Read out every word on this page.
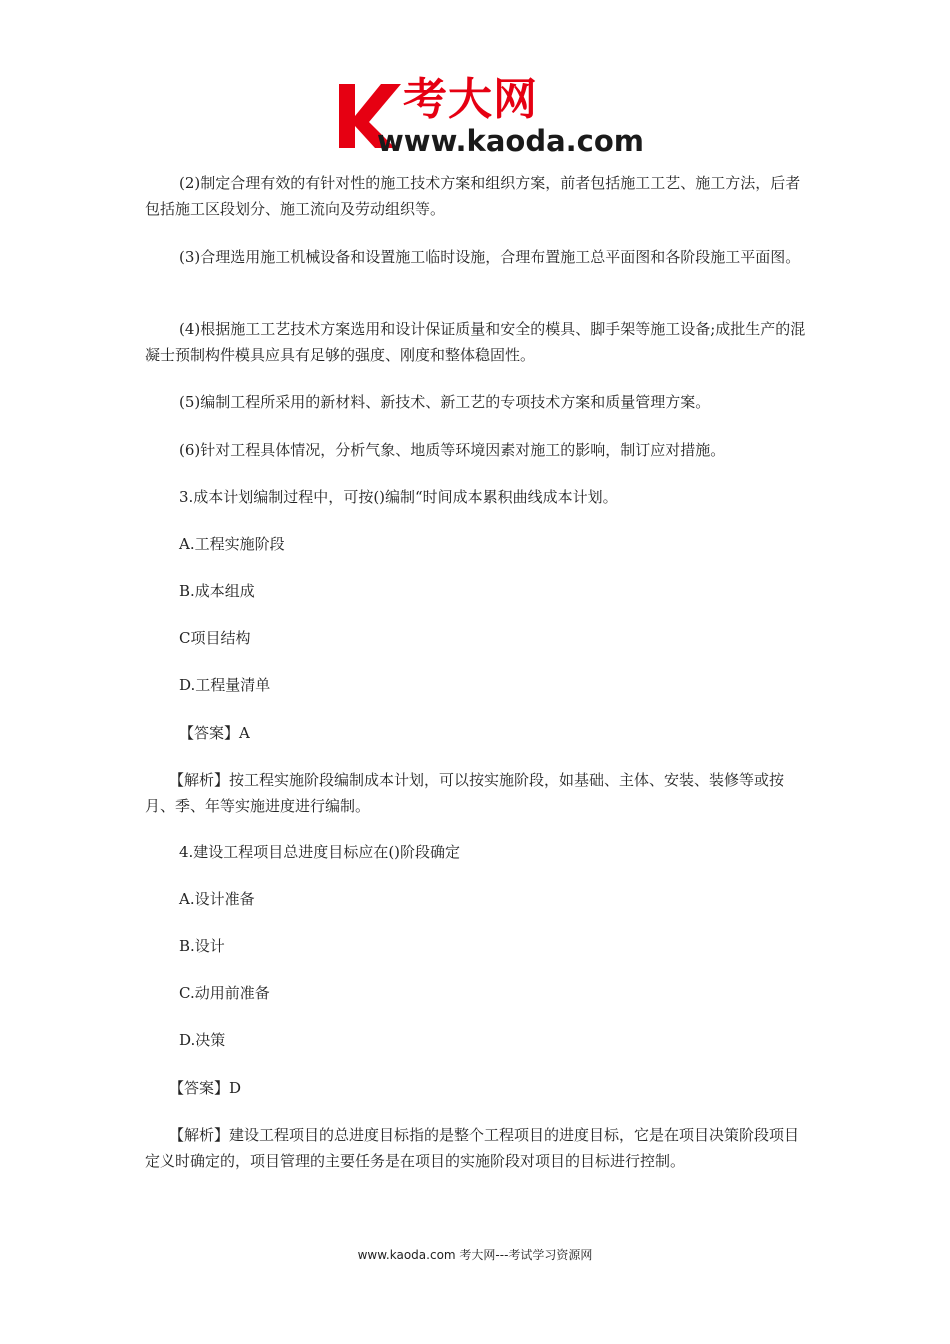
考大网
www.kaoda.com

(2)制定合理有效的有针对性的施工技术方案和组织方案，前者包括施工工艺、施工方法，后者包括施工区段划分、施工流向及劳动组织等。

(3)合理选用施工机械设备和设置施工临时设施，合理布置施工总平面图和各阶段施工平面图。

(4)根据施工工艺技术方案选用和设计保证质量和安全的模具、脚手架等施工设备;成批生产的混凝士预制构件模具应具有足够的强度、刚度和整体稳固性。

(5)编制工程所采用的新材料、新技术、新工艺的专项技术方案和质量管理方案。

(6)针对工程具体情况，分析气象、地质等环境因素对施工的影响，制订应对措施。

3.成本计划编制过程中，可按()编制“时间成本累积曲线成本计划。

A.工程实施阶段

B.成本组成

C项目结构

D.工程量清单

【答案】A

【解析】按工程实施阶段编制成本计划，可以按实施阶段，如基础、主体、安装、装修等或按月、季、年等实施进度进行编制。

4.建设工程项目总进度目标应在()阶段确定

A.设计准备

B.设计

C.动用前准备

D.决策

【答案】D

【解析】建设工程项目的总进度目标指的是整个工程项目的进度目标，它是在项目决策阶段项目定义时确定的，项目管理的主要任务是在项目的实施阶段对项目的目标进行控制。

www.kaoda.com 考大网---考试学习资源网
